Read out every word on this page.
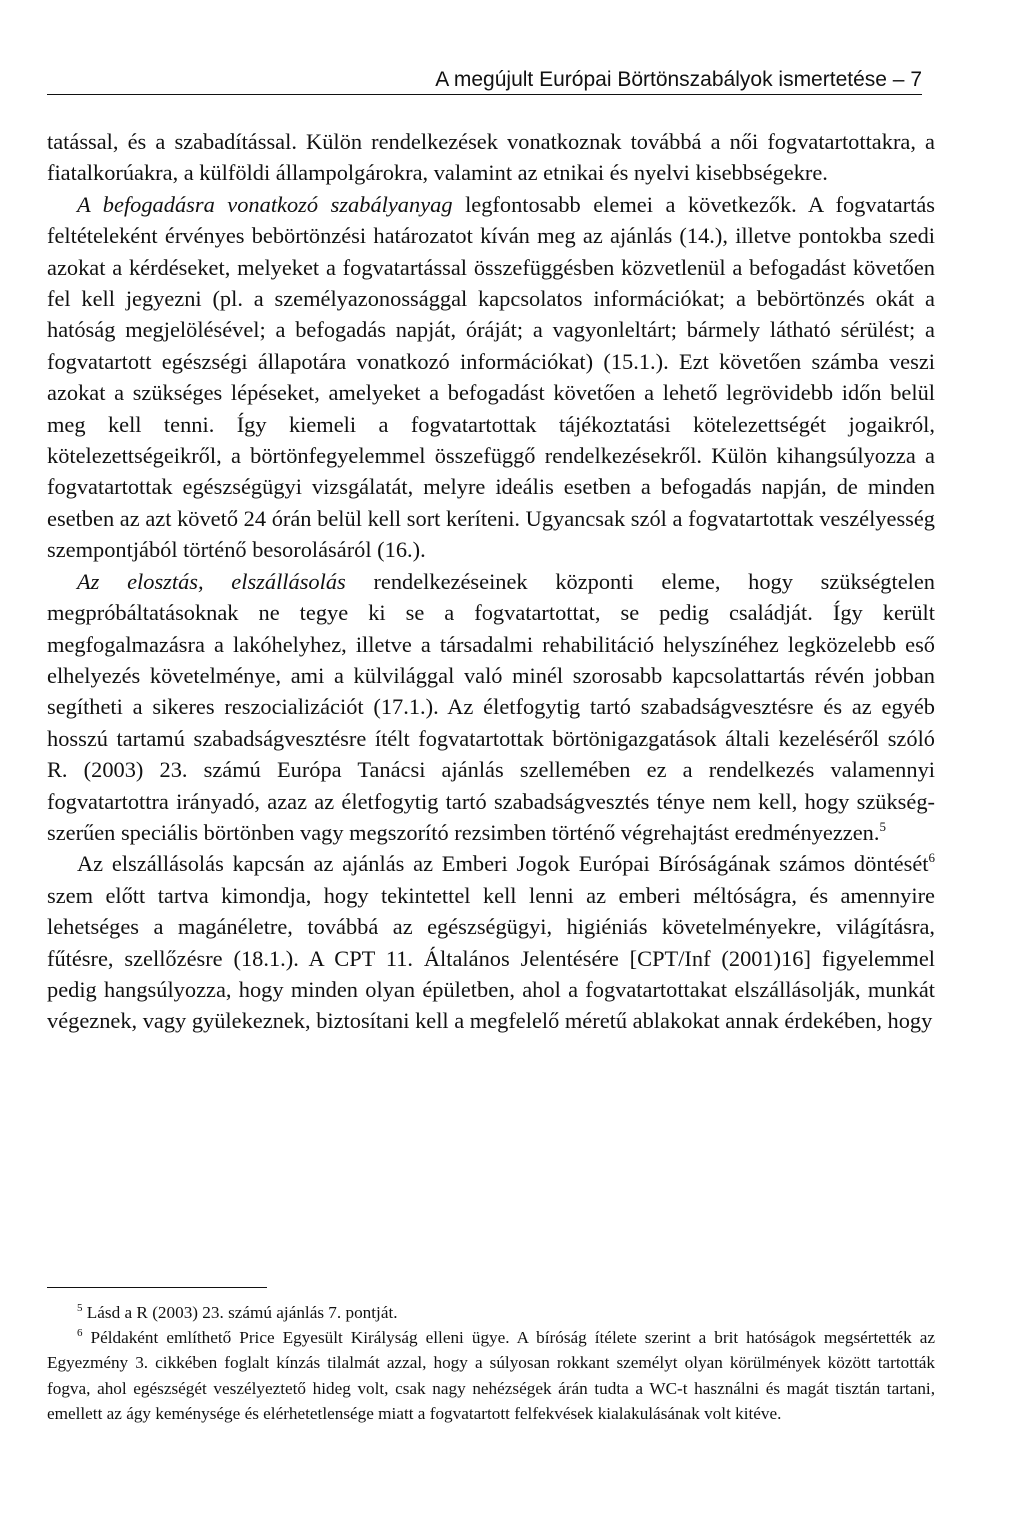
A megújult Európai Börtönszabályok ismertetése – 7

tatással, és a szabadítással. Külön rendelkezések vonatkoznak továbbá a női fogvatartottakra, a fiatalkorúakra, a külföldi állampolgárokra, valamint az etnikai és nyelvi kisebbségekre.

A befogadásra vonatkozó szabályanyag legfontosabb elemei a következők. A fogvatartás feltételeként érvényes bebörtönzési határozatot kíván meg az ajánlás (14.), illetve pontokba szedi azokat a kérdéseket, melyeket a fogvatartással összefüggésben közvetlenül a befogadást követően fel kell jegyezni (pl. a személyazonossággal kapcsolatos információkat; a bebörtönzés okát a hatóság megjelölésével; a befogadás napját, óráját; a vagyonleltárt; bármely látható sérülést; a fogvatartott egészségi állapotára vonatkozó információkat) (15.1.). Ezt követően számba veszi azokat a szükséges lépéseket, amelyeket a befogadást követően a lehető legrövidebb időn belül meg kell tenni. Így kiemeli a fogvatartottak tájékoztatási kötelezettségét jogaikról, kötelezettségeikről, a börtönfegyelemmel összefüggő rendelkezésekről. Külön kihangsúlyozza a fogvatartottak egészségügyi vizsgálatát, melyre ideális esetben a befogadás napján, de minden esetben az azt követő 24 órán belül kell sort keríteni. Ugyancsak szól a fogvatartottak veszélyesség szempontjából történő besorolásáról (16.).

Az elosztás, elszállásolás rendelkezéseinek központi eleme, hogy szükségtelen megpróbáltatásoknak ne tegye ki se a fogvatartottat, se pedig családját. Így került megfogalmazásra a lakóhelyhez, illetve a társadalmi rehabilitáció helyszínéhez legközelebb eső elhelyezés követelménye, ami a külvilággal való minél szorosabb kapcsolattartás révén jobban segítheti a sikeres reszocializációt (17.1.). Az életfogytig tartó szabadságvesztésre és az egyéb hosszú tartamú szabadságvesztésre ítélt fogvatartottak börtönigazgatások általi kezeléséről szóló R. (2003) 23. számú Európa Tanácsi ajánlás szellemében ez a rendelkezés valamennyi fogvatartottra irányadó, azaz az életfogytig tartó szabadságvesztés ténye nem kell, hogy szükségszerűen speciális börtönben vagy megszorító rezsimben történő végrehajtást eredményezzen.$^5$

Az elszállásolás kapcsán az ajánlás az Emberi Jogok Európai Bíróságának számos döntését$^6$ szem előtt tartva kimondja, hogy tekintettel kell lenni az emberi méltóságra, és amennyire lehetséges a magánéletre, továbbá az egészségügyi, higiéniás követelményekre, világításra, fűtésre, szellőzésre (18.1.). A CPT 11. Általános Jelentésére [CPT/Inf (2001)16] figyelemmel pedig hangsúlyozza, hogy minden olyan épületben, ahol a fogvatartottakat elszállásolják, munkát végeznek, vagy gyülekeznek, biztosítani kell a megfelelő méretű ablakokat annak érdekében, hogy

$^5$ Lásd a R (2003) 23. számú ajánlás 7. pontját.

$^6$ Példaként említhető Price Egyesült Királyság elleni ügye. A bíróság ítélete szerint a brit hatóságok megsértették az Egyezmény 3. cikkében foglalt kínzás tilalmát azzal, hogy a súlyosan rokkant személyt olyan körülmények között tartották fogva, ahol egészségét veszélyeztető hideg volt, csak nagy nehézségek árán tudta a WC-t használni és magát tisztán tartani, emellett az ágy keménysége és elérhetetlensége miatt a fogvatartott felfekvések kialakulásának volt kitéve.
